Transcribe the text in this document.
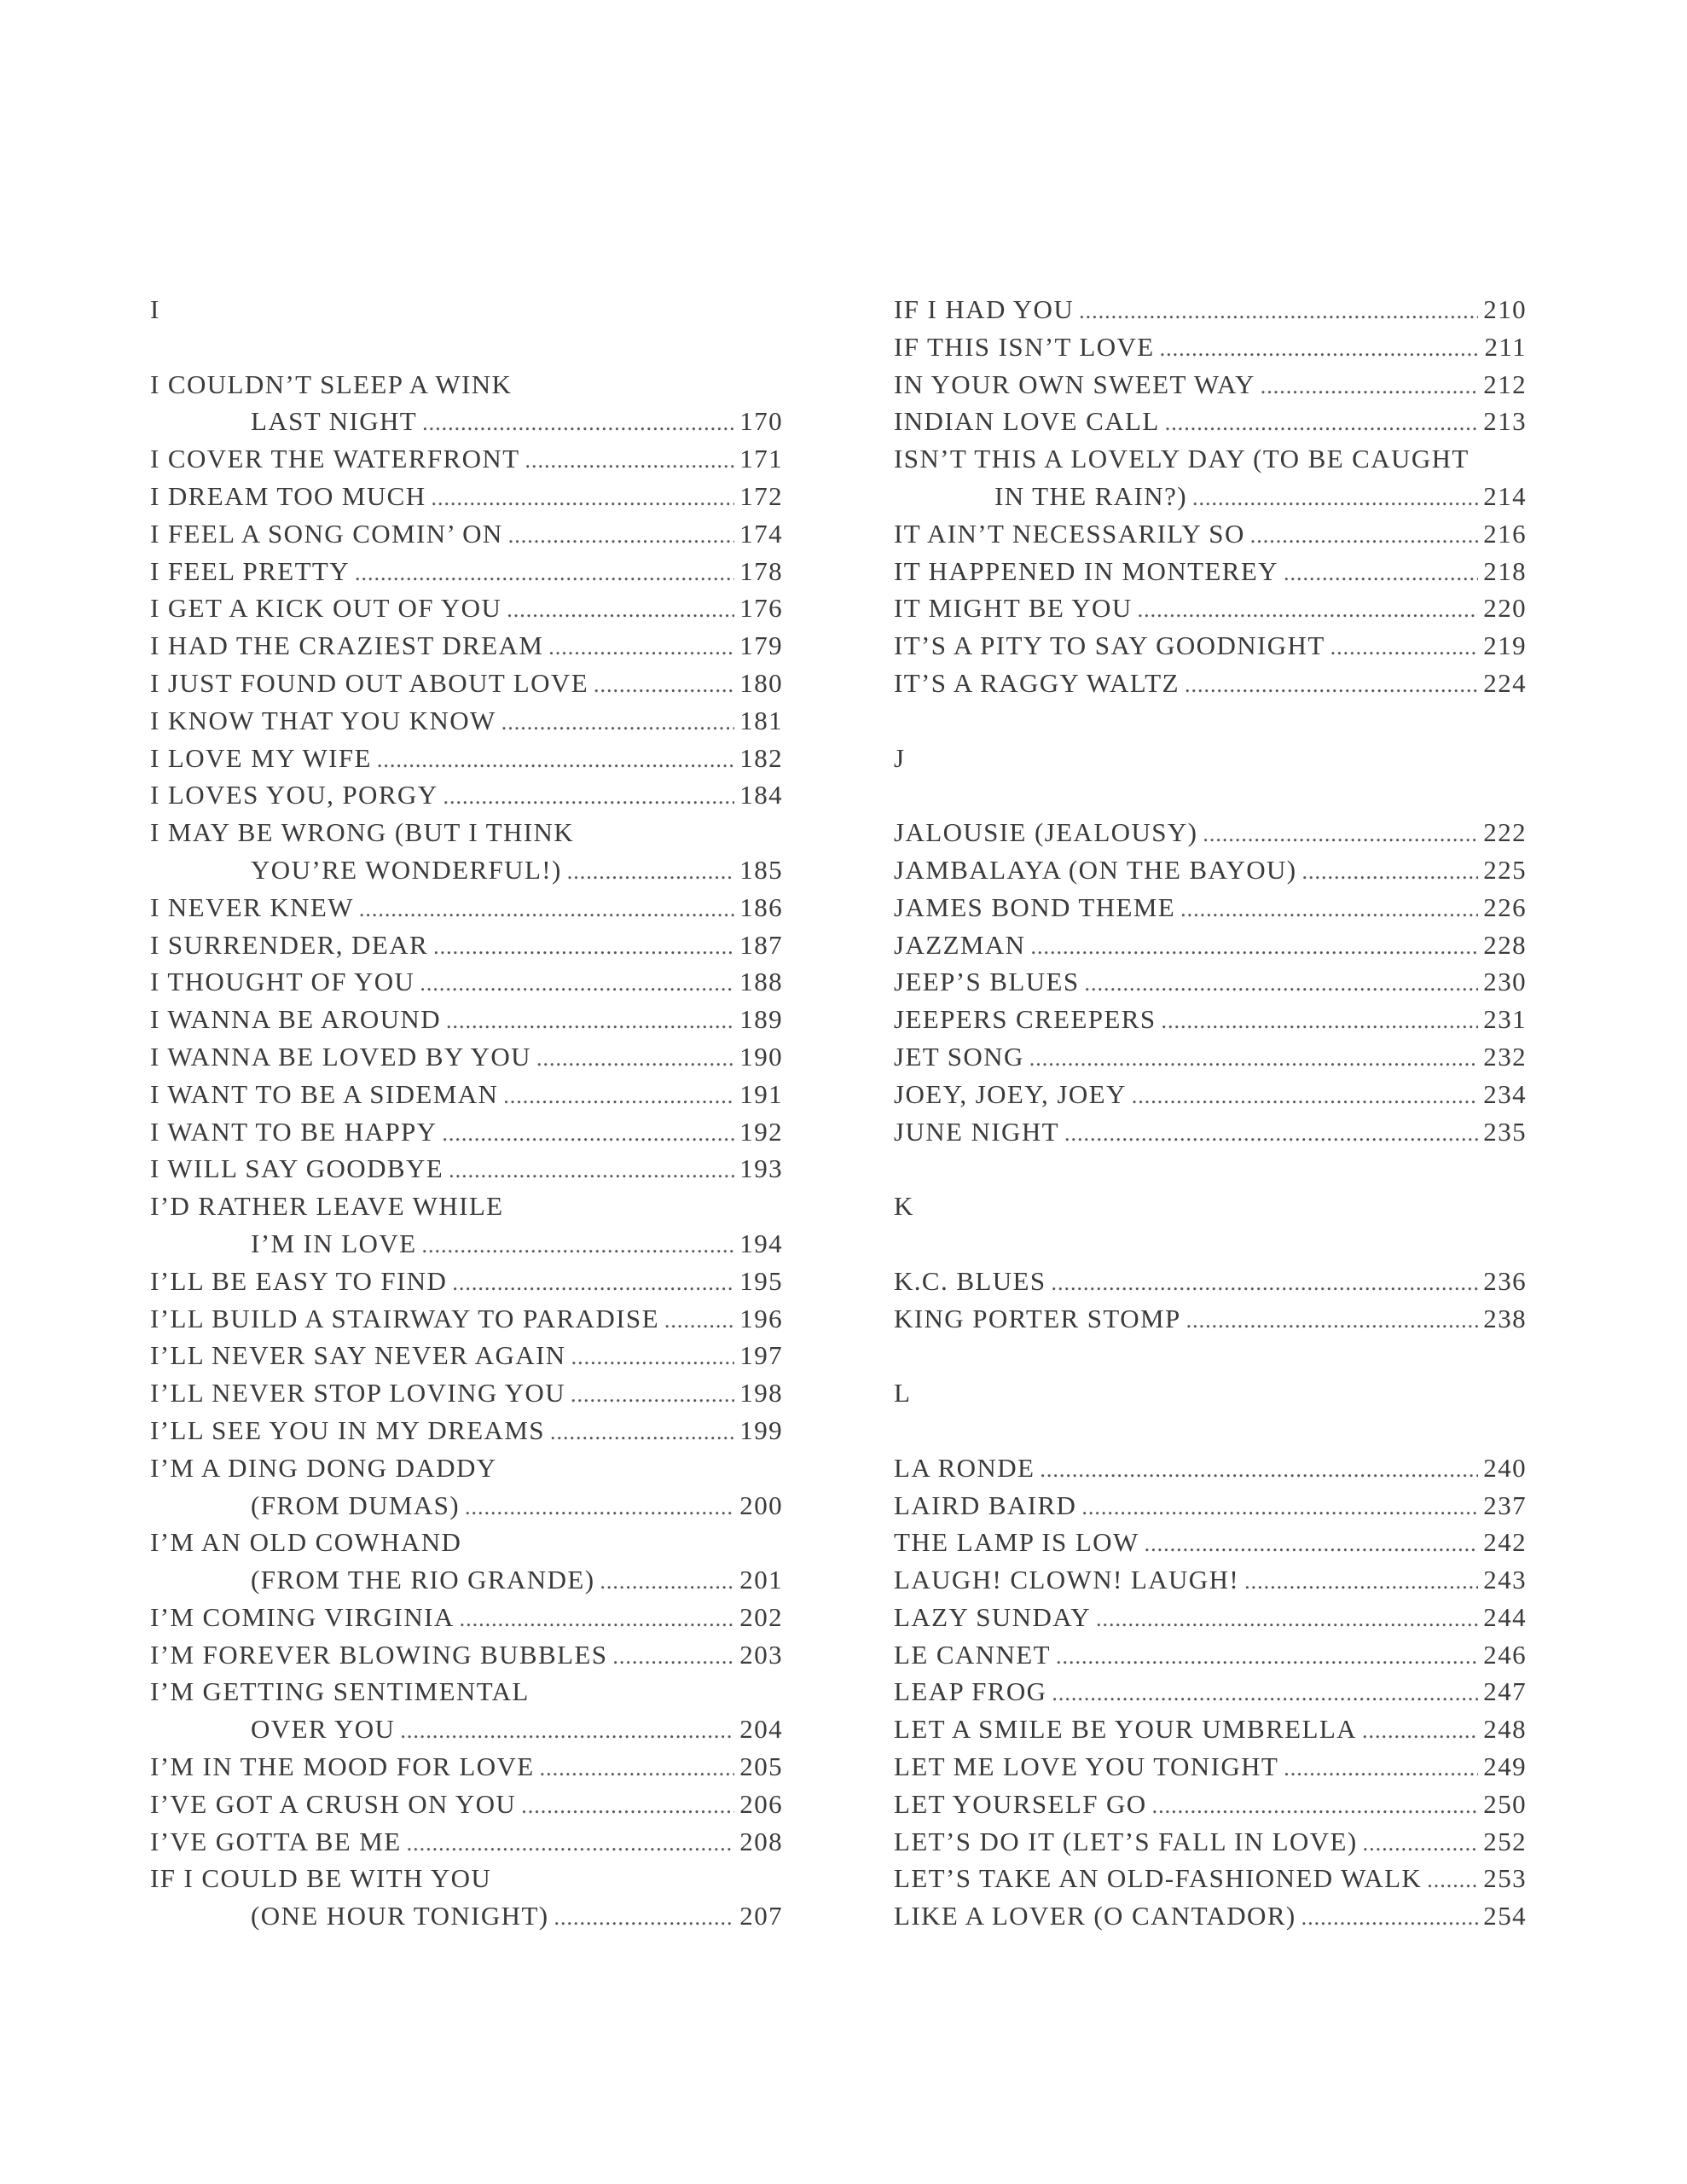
I
I COULDN’T SLEEP A WINK
LAST NIGHT .....	170
I COVER THE WATERFRONT .....	171
I DREAM TOO MUCH .....	172
I FEEL A SONG COMIN’ ON .....	174
I FEEL PRETTY .....	178
I GET A KICK OUT OF YOU .....	176
I HAD THE CRAZIEST DREAM .....	179
I JUST FOUND OUT ABOUT LOVE .....	180
I KNOW THAT YOU KNOW .....	181
I LOVE MY WIFE .....	182
I LOVES YOU, PORGY .....	184
I MAY BE WRONG (BUT I THINK
YOU’RE WONDERFUL!) .....	185
I NEVER KNEW .....	186
I SURRENDER, DEAR .....	187
I THOUGHT OF YOU .....	188
I WANNA BE AROUND .....	189
I WANNA BE LOVED BY YOU .....	190
I WANT TO BE A SIDEMAN .....	191
I WANT TO BE HAPPY .....	192
I WILL SAY GOODBYE .....	193
I’D RATHER LEAVE WHILE
I’M IN LOVE .....	194
I’LL BE EASY TO FIND .....	195
I’LL BUILD A STAIRWAY TO PARADISE .....	196
I’LL NEVER SAY NEVER AGAIN .....	197
I’LL NEVER STOP LOVING YOU .....	198
I’LL SEE YOU IN MY DREAMS .....	199
I’M A DING DONG DADDY
(FROM DUMAS) .....	200
I’M AN OLD COWHAND
(FROM THE RIO GRANDE) .....	201
I’M COMING VIRGINIA .....	202
I’M FOREVER BLOWING BUBBLES .....	203
I’M GETTING SENTIMENTAL
OVER YOU .....	204
I’M IN THE MOOD FOR LOVE .....	205
I’VE GOT A CRUSH ON YOU .....	206
I’VE GOTTA BE ME .....	208
IF I COULD BE WITH YOU
(ONE HOUR TONIGHT) .....	207
IF I HAD YOU .....	210
IF THIS ISN’T LOVE .....	211
IN YOUR OWN SWEET WAY .....	212
INDIAN LOVE CALL .....	213
ISN’T THIS A LOVELY DAY (TO BE CAUGHT
IN THE RAIN?) .....	214
IT AIN’T NECESSARILY SO .....	216
IT HAPPENED IN MONTEREY .....	218
IT MIGHT BE YOU .....	220
IT’S A PITY TO SAY GOODNIGHT .....	219
IT’S A RAGGY WALTZ .....	224
J
JALOUSIE (JEALOUSY) .....	222
JAMBALAYA (ON THE BAYOU) .....	225
JAMES BOND THEME .....	226
JAZZMAN .....	228
JEEP’S BLUES .....	230
JEEPERS CREEPERS .....	231
JET SONG .....	232
JOEY, JOEY, JOEY .....	234
JUNE NIGHT .....	235
K
K.C. BLUES .....	236
KING PORTER STOMP .....	238
L
LA RONDE .....	240
LAIRD BAIRD .....	237
THE LAMP IS LOW .....	242
LAUGH! CLOWN! LAUGH! .....	243
LAZY SUNDAY .....	244
LE CANNET .....	246
LEAP FROG .....	247
LET A SMILE BE YOUR UMBRELLA .....	248
LET ME LOVE YOU TONIGHT .....	249
LET YOURSELF GO .....	250
LET’S DO IT (LET’S FALL IN LOVE) .....	252
LET’S TAKE AN OLD-FASHIONED WALK ..... 253
LIKE A LOVER (O CANTADOR) .....	254
